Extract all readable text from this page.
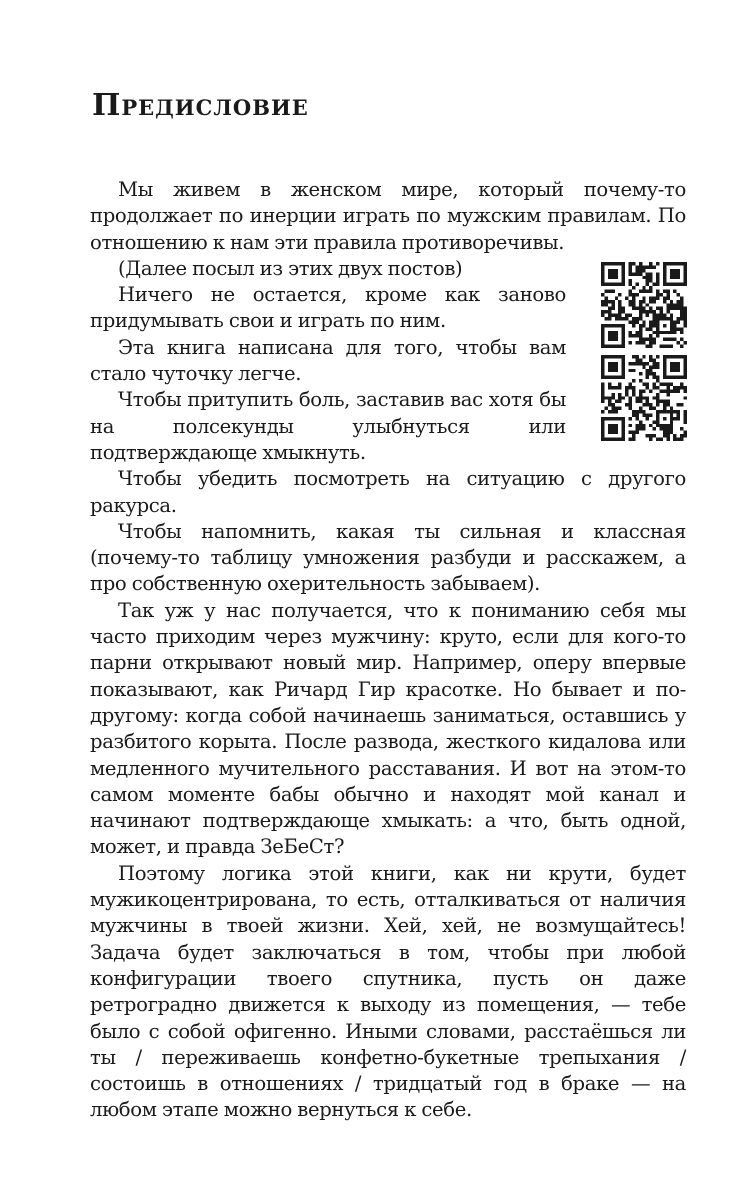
Предисловие

Мы живем в женском мире, который почему-то продолжает по инерции играть по мужским правилам. По отношению к нам эти правила противоречивы.

(Далее посыл из этих двух постов)

Ничего не остается, кроме как заново придумывать свои и играть по ним.

Эта книга написана для того, чтобы вам стало чуточку легче.

Чтобы притупить боль, заставив вас хотя бы на полсекунды улыбнуться или подтверждающе хмыкнуть.

Чтобы убедить посмотреть на ситуацию с другого ракурса.

Чтобы напомнить, какая ты сильная и классная (почему-то таблицу умножения разбуди и расскажем, а про собственную охерительность забываем).

Так уж у нас получается, что к пониманию себя мы часто приходим через мужчину: круто, если для кого-то парни открывают новый мир. Например, оперу впервые показывают, как Ричард Гир красотке. Но бывает и по-другому: когда собой начинаешь заниматься, оставшись у разбитого корыта. После развода, жесткого кидалова или медленного мучительного расставания. И вот на этом-то самом моменте бабы обычно и находят мой канал и начинают подтверждающе хмыкать: а что, быть одной, может, и правда ЗеБеСт?

Поэтому логика этой книги, как ни крути, будет мужикоцентрирована, то есть, отталкиваться от наличия мужчины в твоей жизни. Хей, хей, не возмущайтесь! Задача будет заключаться в том, чтобы при любой конфигурации твоего спутника, пусть он даже ретроградно движется к выходу из помещения, — тебе было с собой офигенно. Иными словами, расстаёшься ли ты / переживаешь конфетно-букетные трепыхания / состоишь в отношениях / тридцатый год в браке — на любом этапе можно вернуться к себе.
